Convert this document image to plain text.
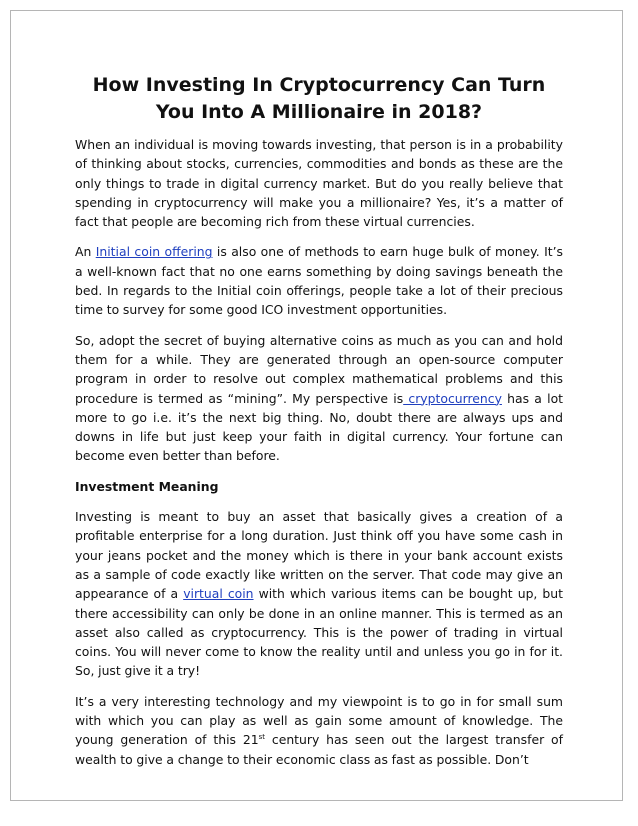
How Investing In Cryptocurrency Can Turn You Into A Millionaire in 2018?

When an individual is moving towards investing, that person is in a probability of thinking about stocks, currencies, commodities and bonds as these are the only things to trade in digital currency market. But do you really believe that spending in cryptocurrency will make you a millionaire? Yes, it’s a matter of fact that people are becoming rich from these virtual currencies.

An Initial coin offering is also one of methods to earn huge bulk of money. It’s a well-known fact that no one earns something by doing savings beneath the bed. In regards to the Initial coin offerings, people take a lot of their precious time to survey for some good ICO investment opportunities.

So, adopt the secret of buying alternative coins as much as you can and hold them for a while. They are generated through an open-source computer program in order to resolve out complex mathematical problems and this procedure is termed as “mining”. My perspective is cryptocurrency has a lot more to go i.e. it’s the next big thing. No, doubt there are always ups and downs in life but just keep your faith in digital currency. Your fortune can become even better than before.

Investment Meaning

Investing is meant to buy an asset that basically gives a creation of a profitable enterprise for a long duration. Just think off you have some cash in your jeans pocket and the money which is there in your bank account exists as a sample of code exactly like written on the server. That code may give an appearance of a virtual coin with which various items can be bought up, but there accessibility can only be done in an online manner. This is termed as an asset also called as cryptocurrency. This is the power of trading in virtual coins. You will never come to know the reality until and unless you go in for it. So, just give it a try!

It’s a very interesting technology and my viewpoint is to go in for small sum with which you can play as well as gain some amount of knowledge. The young generation of this 21st century has seen out the largest transfer of wealth to give a change to their economic class as fast as possible. Don’t
